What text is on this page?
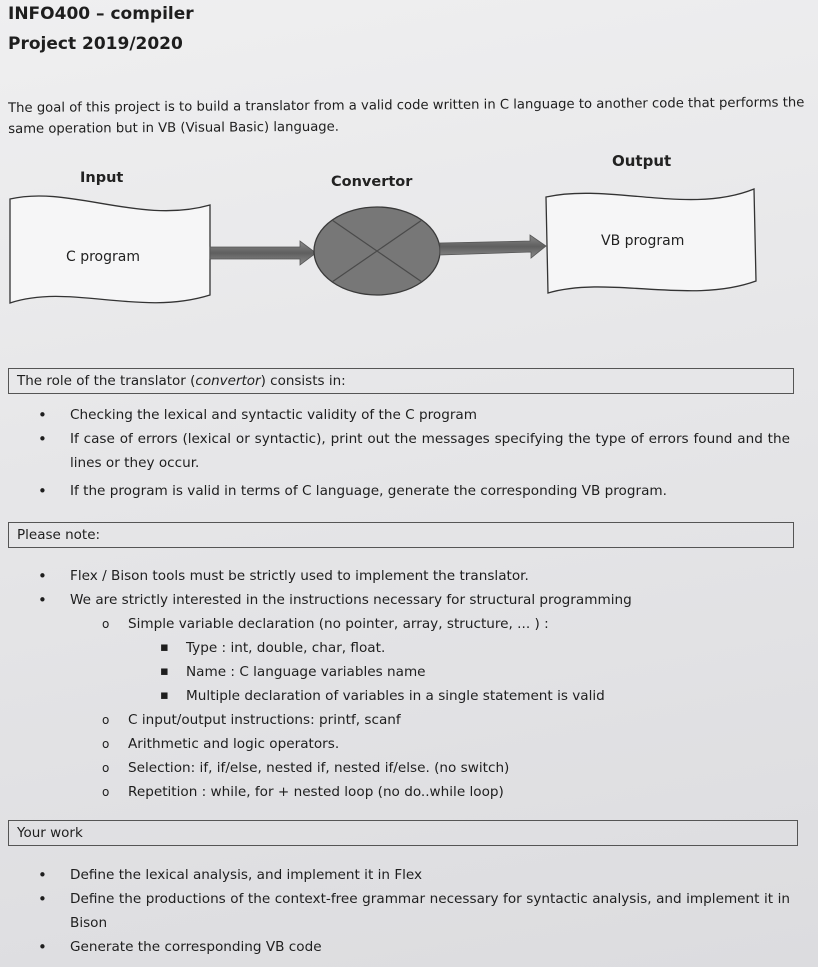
INFO400 – compiler

Project 2019/2020

The goal of this project is to build a translator from a valid code written in C language to another code that performs the same operation but in VB (Visual Basic) language.

Input
C program
Convertor
Output
VB program
The role of the translator (convertor) consists in:
• Checking the lexical and syntactic validity of the C program
• If case of errors (lexical or syntactic), print out the messages specifying the type of errors found and the lines or they occur.
• If the program is valid in terms of C language, generate the corresponding VB program.
Please note:
• Flex / Bison tools must be strictly used to implement the translator.
• We are strictly interested in the instructions necessary for structural programming
o Simple variable declaration (no pointer, array, structure, ... ) :
▪ Type : int, double, char, float.
▪ Name : C language variables name
▪ Multiple declaration of variables in a single statement is valid
o C input/output instructions: printf, scanf
o Arithmetic and logic operators.
o Selection: if, if/else, nested if, nested if/else. (no switch)
o Repetition : while, for + nested loop (no do..while loop)
Your work
• Define the lexical analysis, and implement it in Flex
• Define the productions of the context-free grammar necessary for syntactic analysis, and implement it in Bison
• Generate the corresponding VB code
